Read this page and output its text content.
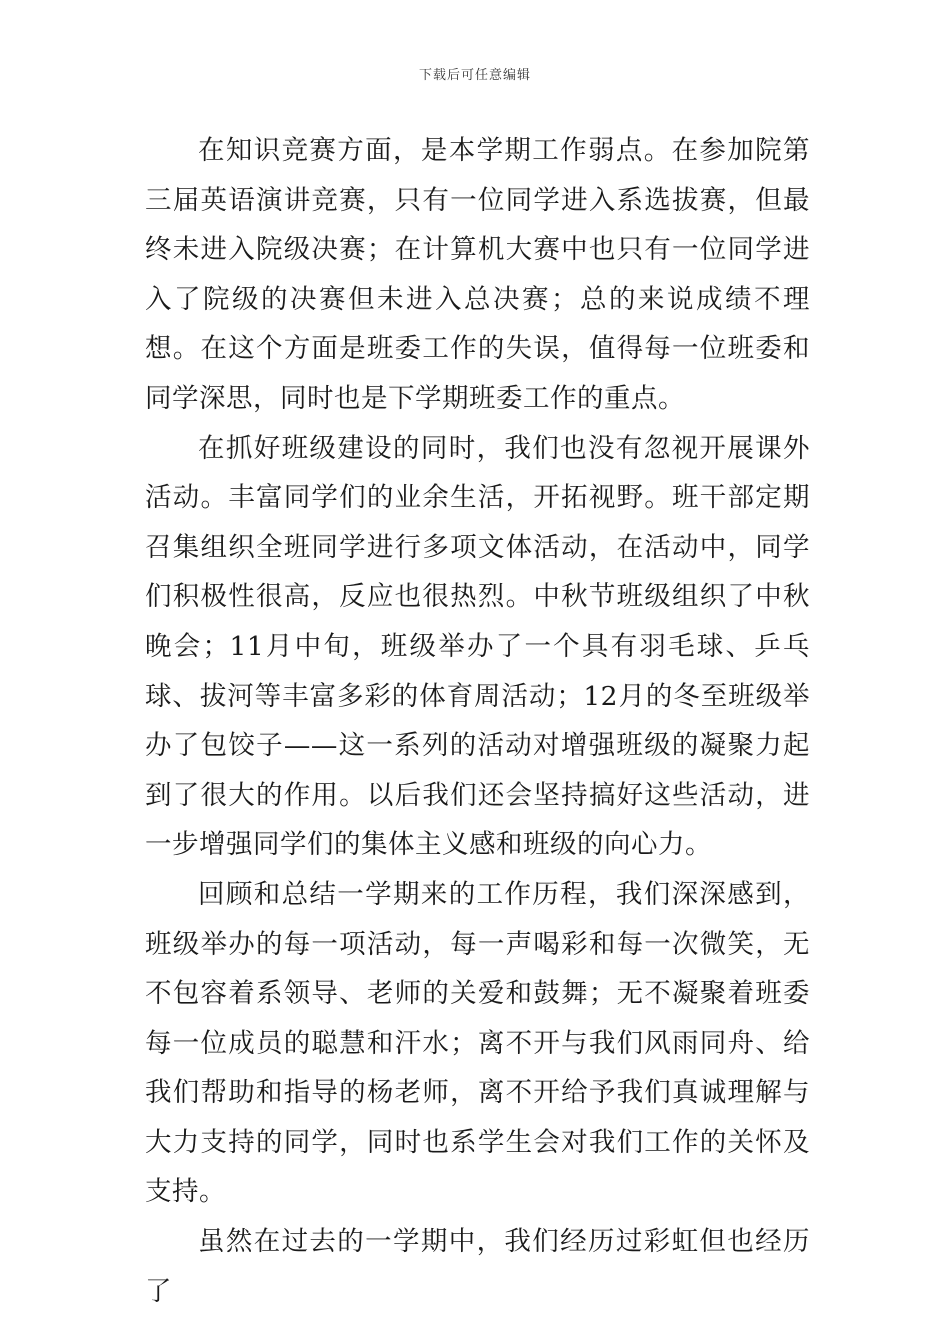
下载后可任意编辑

在知识竞赛方面，是本学期工作弱点。在参加院第三届英语演讲竞赛，只有一位同学进入系选拔赛，但最终未进入院级决赛；在计算机大赛中也只有一位同学进入了院级的决赛但未进入总决赛；总的来说成绩不理想。在这个方面是班委工作的失误，值得每一位班委和同学深思，同时也是下学期班委工作的重点。

在抓好班级建设的同时，我们也没有忽视开展课外活动。丰富同学们的业余生活，开拓视野。班干部定期召集组织全班同学进行多项文体活动，在活动中，同学们积极性很高，反应也很热烈。中秋节班级组织了中秋晚会；11月中旬，班级举办了一个具有羽毛球、乒乓球、拔河等丰富多彩的体育周活动；12月的冬至班级举办了包饺子——这一系列的活动对增强班级的凝聚力起到了很大的作用。以后我们还会坚持搞好这些活动，进一步增强同学们的集体主义感和班级的向心力。

回顾和总结一学期来的工作历程，我们深深感到，班级举办的每一项活动，每一声喝彩和每一次微笑，无不包容着系领导、老师的关爱和鼓舞；无不凝聚着班委每一位成员的聪慧和汗水；离不开与我们风雨同舟、给我们帮助和指导的杨老师，离不开给予我们真诚理解与大力支持的同学，同时也系学生会对我们工作的关怀及支持。

虽然在过去的一学期中，我们经历过彩虹但也经历了
